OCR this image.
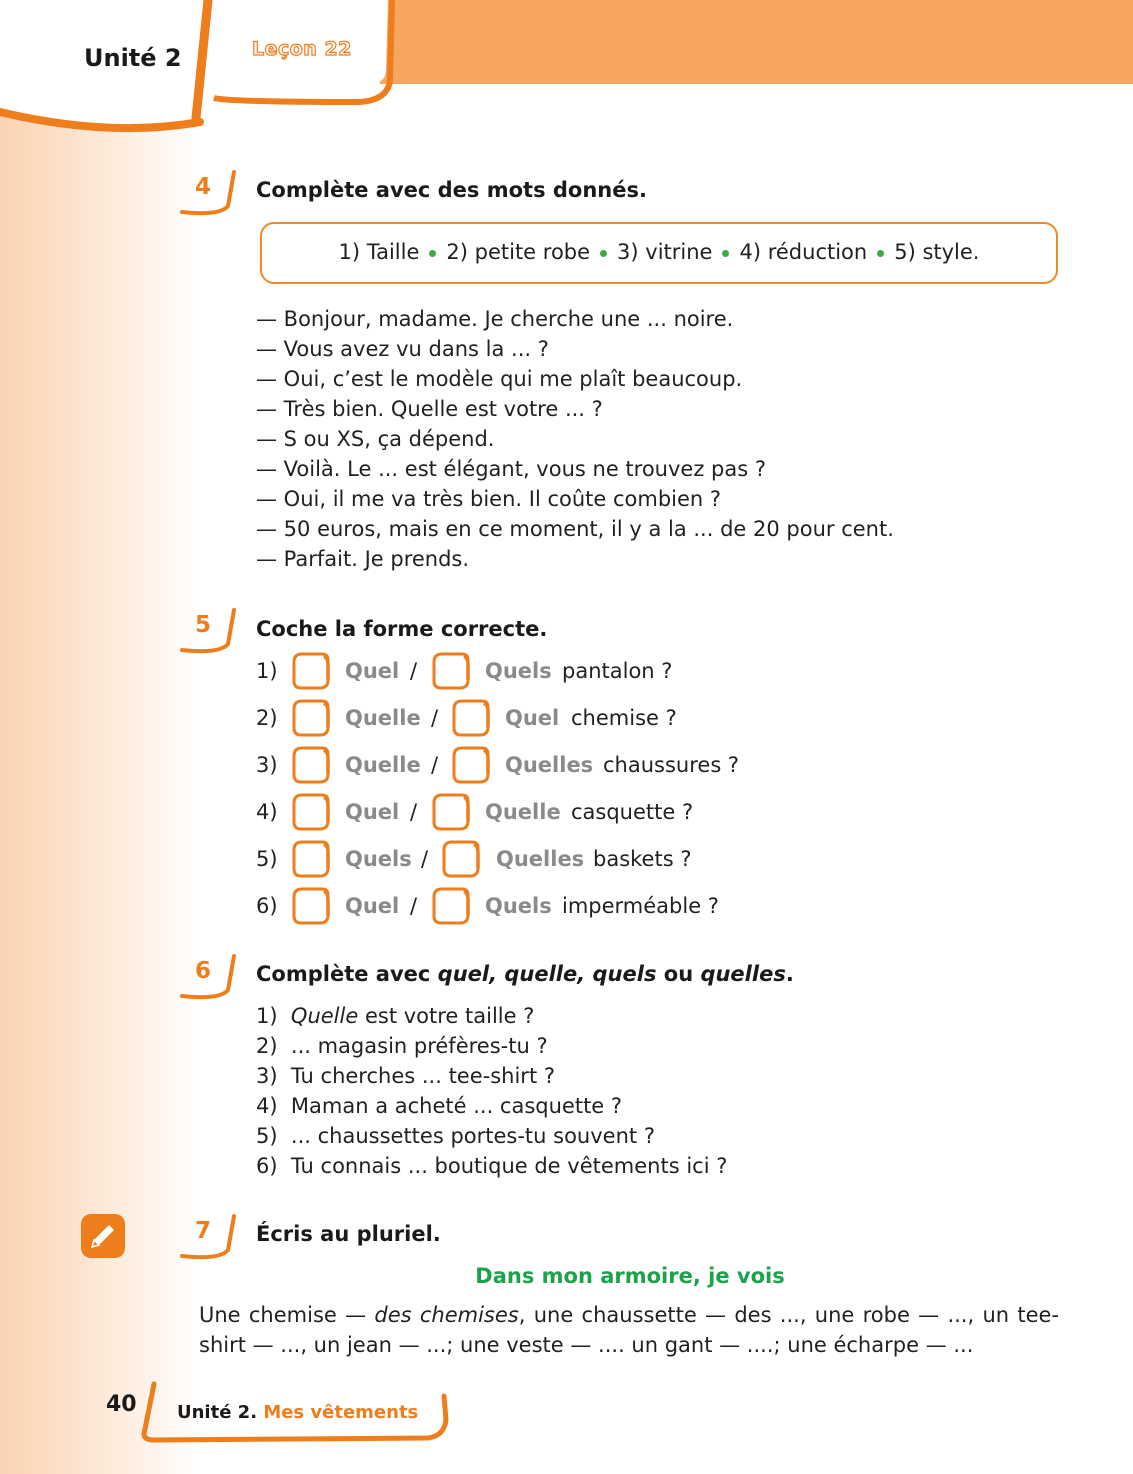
Unité 2	Leçon 22
4	Complète avec des mots donnés.
1) Taille 2) petite robe 3) vitrine 4) réduction 5) style.
— Bonjour, madame. Je cherche une ... noire.
— Vous avez vu dans la ... ?
— Oui, c’est le modèle qui me plaît beaucoup.
— Très bien. Quelle est votre ... ?
— S ou XS, ça dépend.
— Voilà. Le ... est élégant, vous ne trouvez pas ?
— Oui, il me va très bien. Il coûte combien ?
— 50 euros, mais en ce moment, il y a la ... de 20 pour cent.
— Parfait. Je prends.
5	Coche la forme correcte.
1)	Quel /	Quels pantalon ?
2)	Quelle /	Quel chemise ?
3)	Quelle /	Quelles chaussures ?
4)	Quel /	Quelle casquette ?
5)	Quels /	Quelles baskets ?
6)	Quel /	Quels imperméable ?
6	Complète avec quel, quelle, quels ou quelles.
1) Quelle est votre taille ?
2)  ... magasin préfères-tu ?
3)  Tu cherches ... tee-shirt ?
4)  Maman a acheté ... casquette ?
5)  ... chaussettes portes-tu souvent ?
6)  Tu connais ... boutique de vêtements ici ?
7	Écris au pluriel.
Dans mon armoire, je vois
Une chemise — des chemises, une chaussette — des ..., une robe — ..., un tee-shirt — ..., un jean — ...; une veste — .... un gant — ....; une écharpe — ...
40 Unité 2. Mes vêtements
